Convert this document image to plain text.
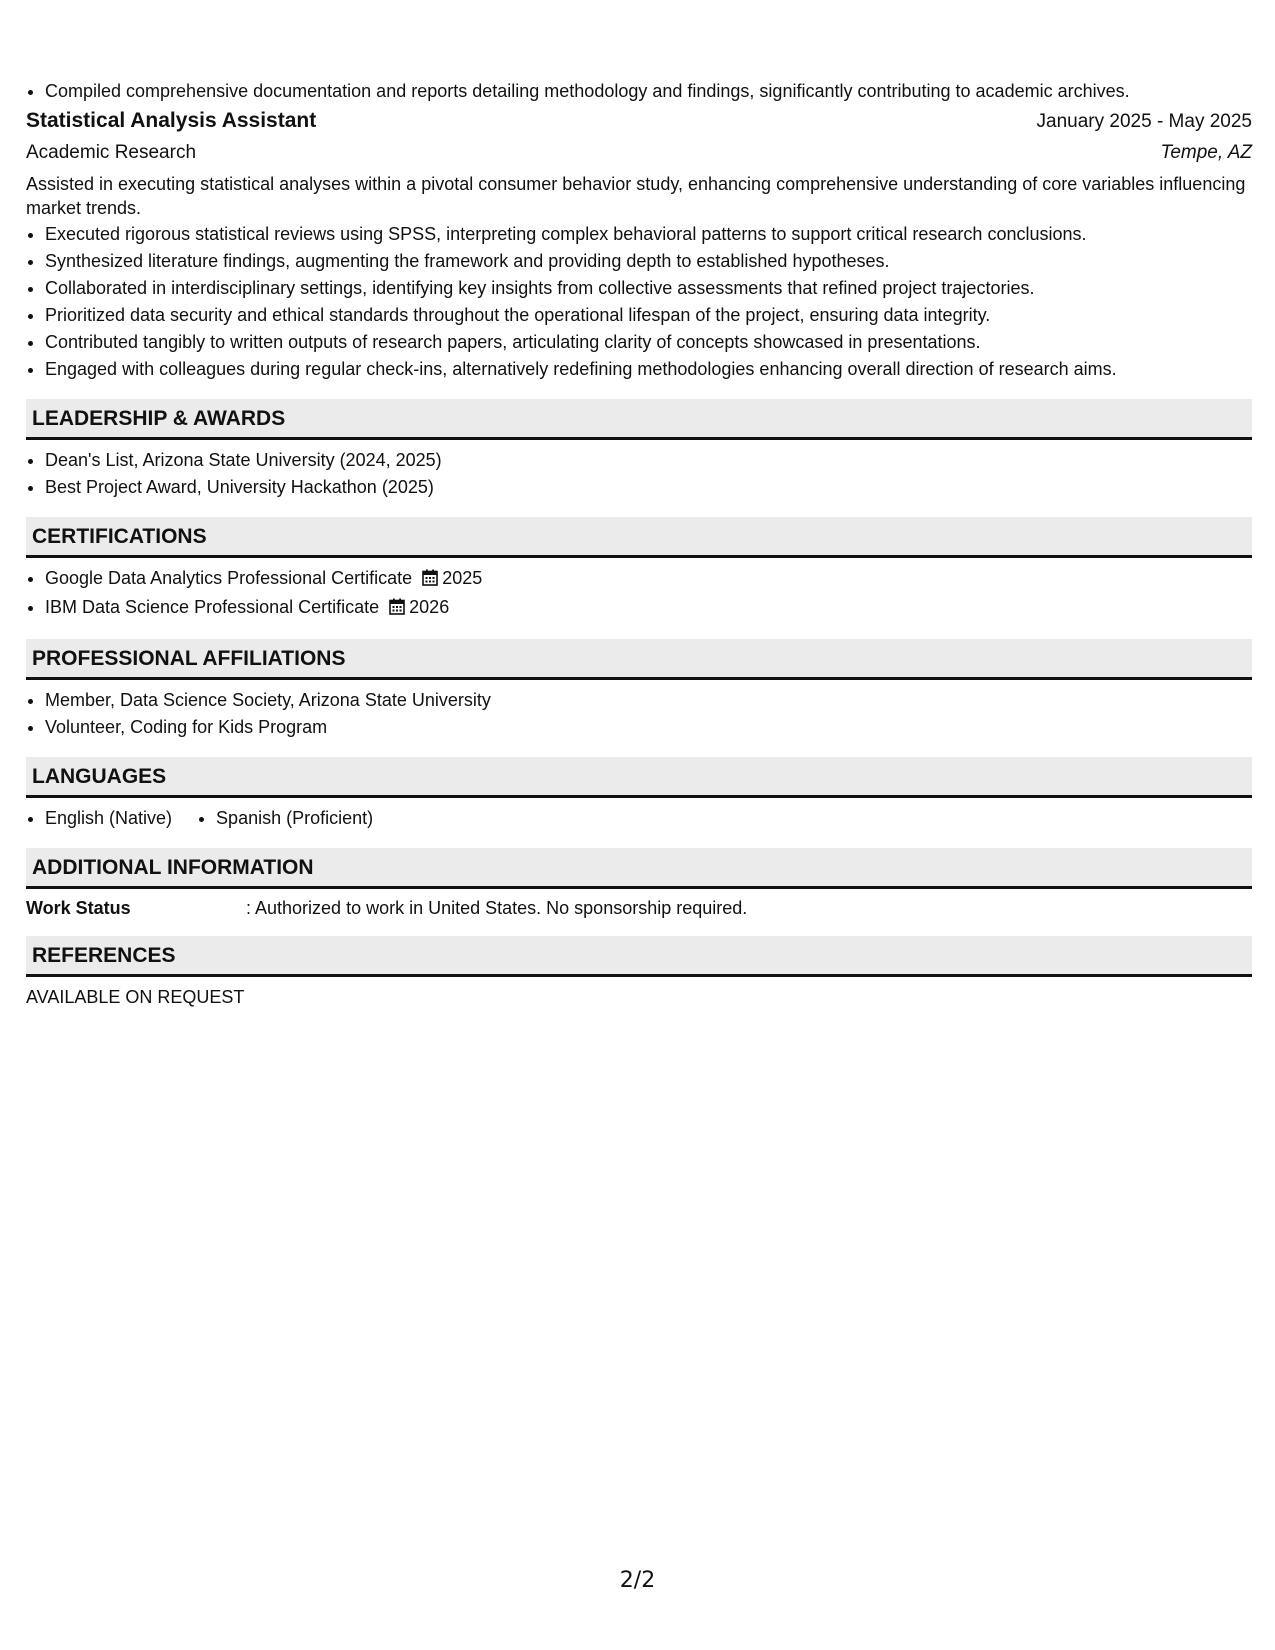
• Compiled comprehensive documentation and reports detailing methodology and findings, significantly contributing to academic archives.
Statistical Analysis Assistant	January 2025 - May 2025
Academic Research	Tempe, AZ
Assisted in executing statistical analyses within a pivotal consumer behavior study, enhancing comprehensive understanding of core variables influencing market trends.
• Executed rigorous statistical reviews using SPSS, interpreting complex behavioral patterns to support critical research conclusions.
• Synthesized literature findings, augmenting the framework and providing depth to established hypotheses.
• Collaborated in interdisciplinary settings, identifying key insights from collective assessments that refined project trajectories.
• Prioritized data security and ethical standards throughout the operational lifespan of the project, ensuring data integrity.
• Contributed tangibly to written outputs of research papers, articulating clarity of concepts showcased in presentations.
• Engaged with colleagues during regular check-ins, alternatively redefining methodologies enhancing overall direction of research aims.
LEADERSHIP & AWARDS
• Dean's List, Arizona State University (2024, 2025)
• Best Project Award, University Hackathon (2025)
CERTIFICATIONS
• Google Data Analytics Professional Certificate 2025
• IBM Data Science Professional Certificate 2026
PROFESSIONAL AFFILIATIONS
• Member, Data Science Society, Arizona State University
• Volunteer, Coding for Kids Program
LANGUAGES
• English (Native)
• Spanish (Proficient)
ADDITIONAL INFORMATION
Work Status	: Authorized to work in United States. No sponsorship required.
REFERENCES
AVAILABLE ON REQUEST
2/2
